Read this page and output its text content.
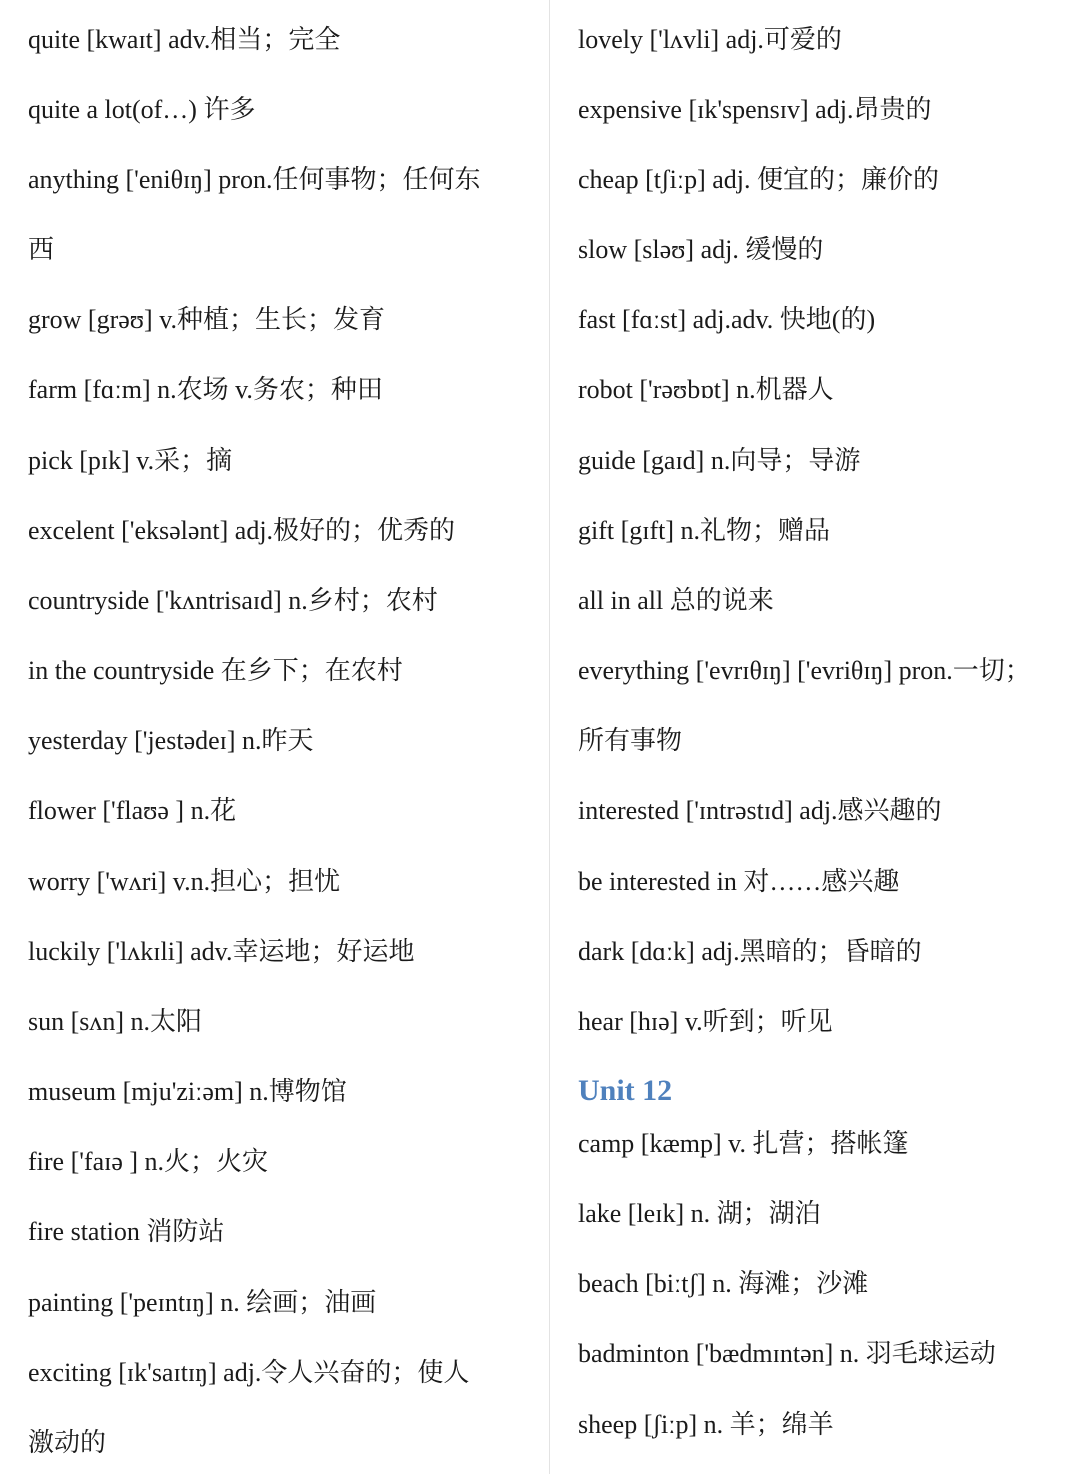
quite [kwaɪt] adv.相当；完全
quite a lot(of…) 许多
anything ['eniθɪŋ] pron.任何事物；任何东
西
grow [grəʊ] v.种植；生长；发育
farm [fɑːm] n.农场 v.务农；种田
pick [pɪk] v.采；摘
excelent ['eksələnt] adj.极好的；优秀的
countryside ['kʌntrisaɪd] n.乡村；农村
in the countryside 在乡下；在农村
yesterday ['jestədeɪ] n.昨天
flower ['flaʊə ] n.花
worry ['wʌri] v.n.担心；担忧
luckily ['lʌkɪli] adv.幸运地；好运地
sun [sʌn] n.太阳
museum [mju'ziːəm] n.博物馆
fire ['faɪə ] n.火；火灾
fire station 消防站
painting ['peɪntɪŋ] n. 绘画；油画
exciting [ɪk'saɪtɪŋ] adj.令人兴奋的；使人
激动的
lovely ['lʌvli] adj.可爱的
expensive [ɪk'spensɪv] adj.昂贵的
cheap [tʃiːp] adj. 便宜的；廉价的
slow [sləʊ] adj. 缓慢的
fast [fɑːst] adj.adv. 快地(的)
robot ['rəʊbɒt] n.机器人
guide [gaɪd] n.向导；导游
gift [gɪft] n.礼物；赠品
all in all 总的说来
everything ['evrɪθɪŋ] ['evriθɪŋ] pron.一切；
所有事物
interested ['ɪntrəstɪd] adj.感兴趣的
be interested in 对……感兴趣
dark [dɑːk] adj.黑暗的；昏暗的
hear [hɪə] v.听到；听见
Unit 12
camp [kæmp] v. 扎营；搭帐篷
lake [leɪk] n. 湖；湖泊
beach [biːtʃ] n. 海滩；沙滩
badminton ['bædmɪntən] n. 羽毛球运动
sheep [ʃiːp] n. 羊；绵羊
